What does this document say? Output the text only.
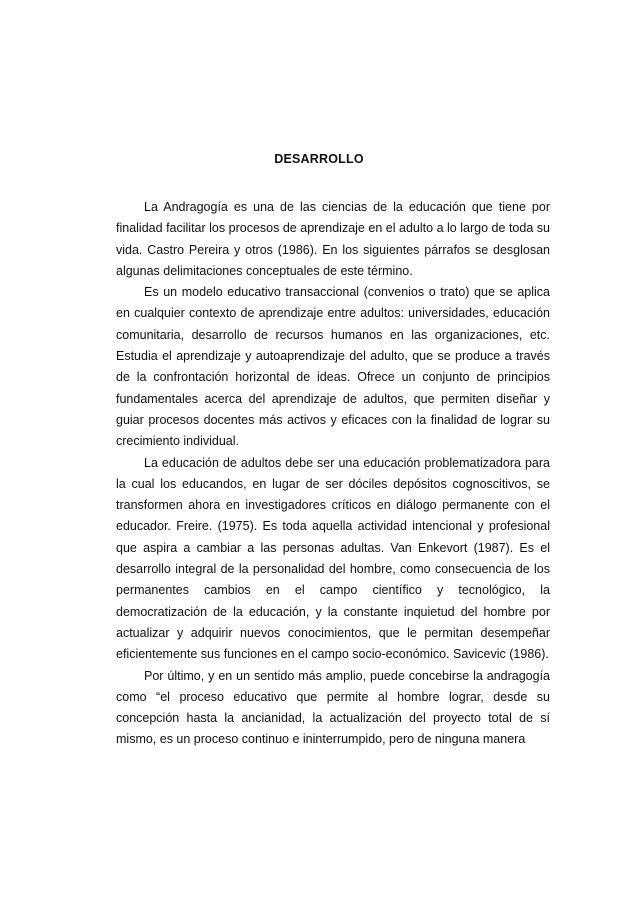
DESARROLLO

La Andragogía es una de las ciencias de la educación que tiene por finalidad facilitar los procesos de aprendizaje en el adulto a lo largo de toda su vida. Castro Pereira y otros (1986). En los siguientes párrafos se desglosan algunas delimitaciones conceptuales de este término.

Es un modelo educativo transaccional (convenios o trato) que se aplica en cualquier contexto de aprendizaje entre adultos: universidades, educación comunitaria, desarrollo de recursos humanos en las organizaciones, etc. Estudia el aprendizaje y autoaprendizaje del adulto, que se produce a través de la confrontación horizontal de ideas. Ofrece un conjunto de principios fundamentales acerca del aprendizaje de adultos, que permiten diseñar y guiar procesos docentes más activos y eficaces con la finalidad de lograr su crecimiento individual.

La educación de adultos debe ser una educación problematizadora para la cual los educandos, en lugar de ser dóciles depósitos cognoscitivos, se transformen ahora en investigadores críticos en diálogo permanente con el educador. Freire. (1975). Es toda aquella actividad intencional y profesional que aspira a cambiar a las personas adultas. Van Enkevort (1987). Es el desarrollo integral de la personalidad del hombre, como consecuencia de los permanentes cambios en el campo científico y tecnológico, la democratización de la educación, y la constante inquietud del hombre por actualizar y adquirir nuevos conocimientos, que le permitan desempeñar eficientemente sus funciones en el campo socio-económico. Savicevic (1986).

Por último, y en un sentido más amplio, puede concebirse la andragogía como “el proceso educativo que permite al hombre lograr, desde su concepción hasta la ancianidad, la actualización del proyecto total de sí mismo, es un proceso continuo e ininterrumpido, pero de ninguna manera
